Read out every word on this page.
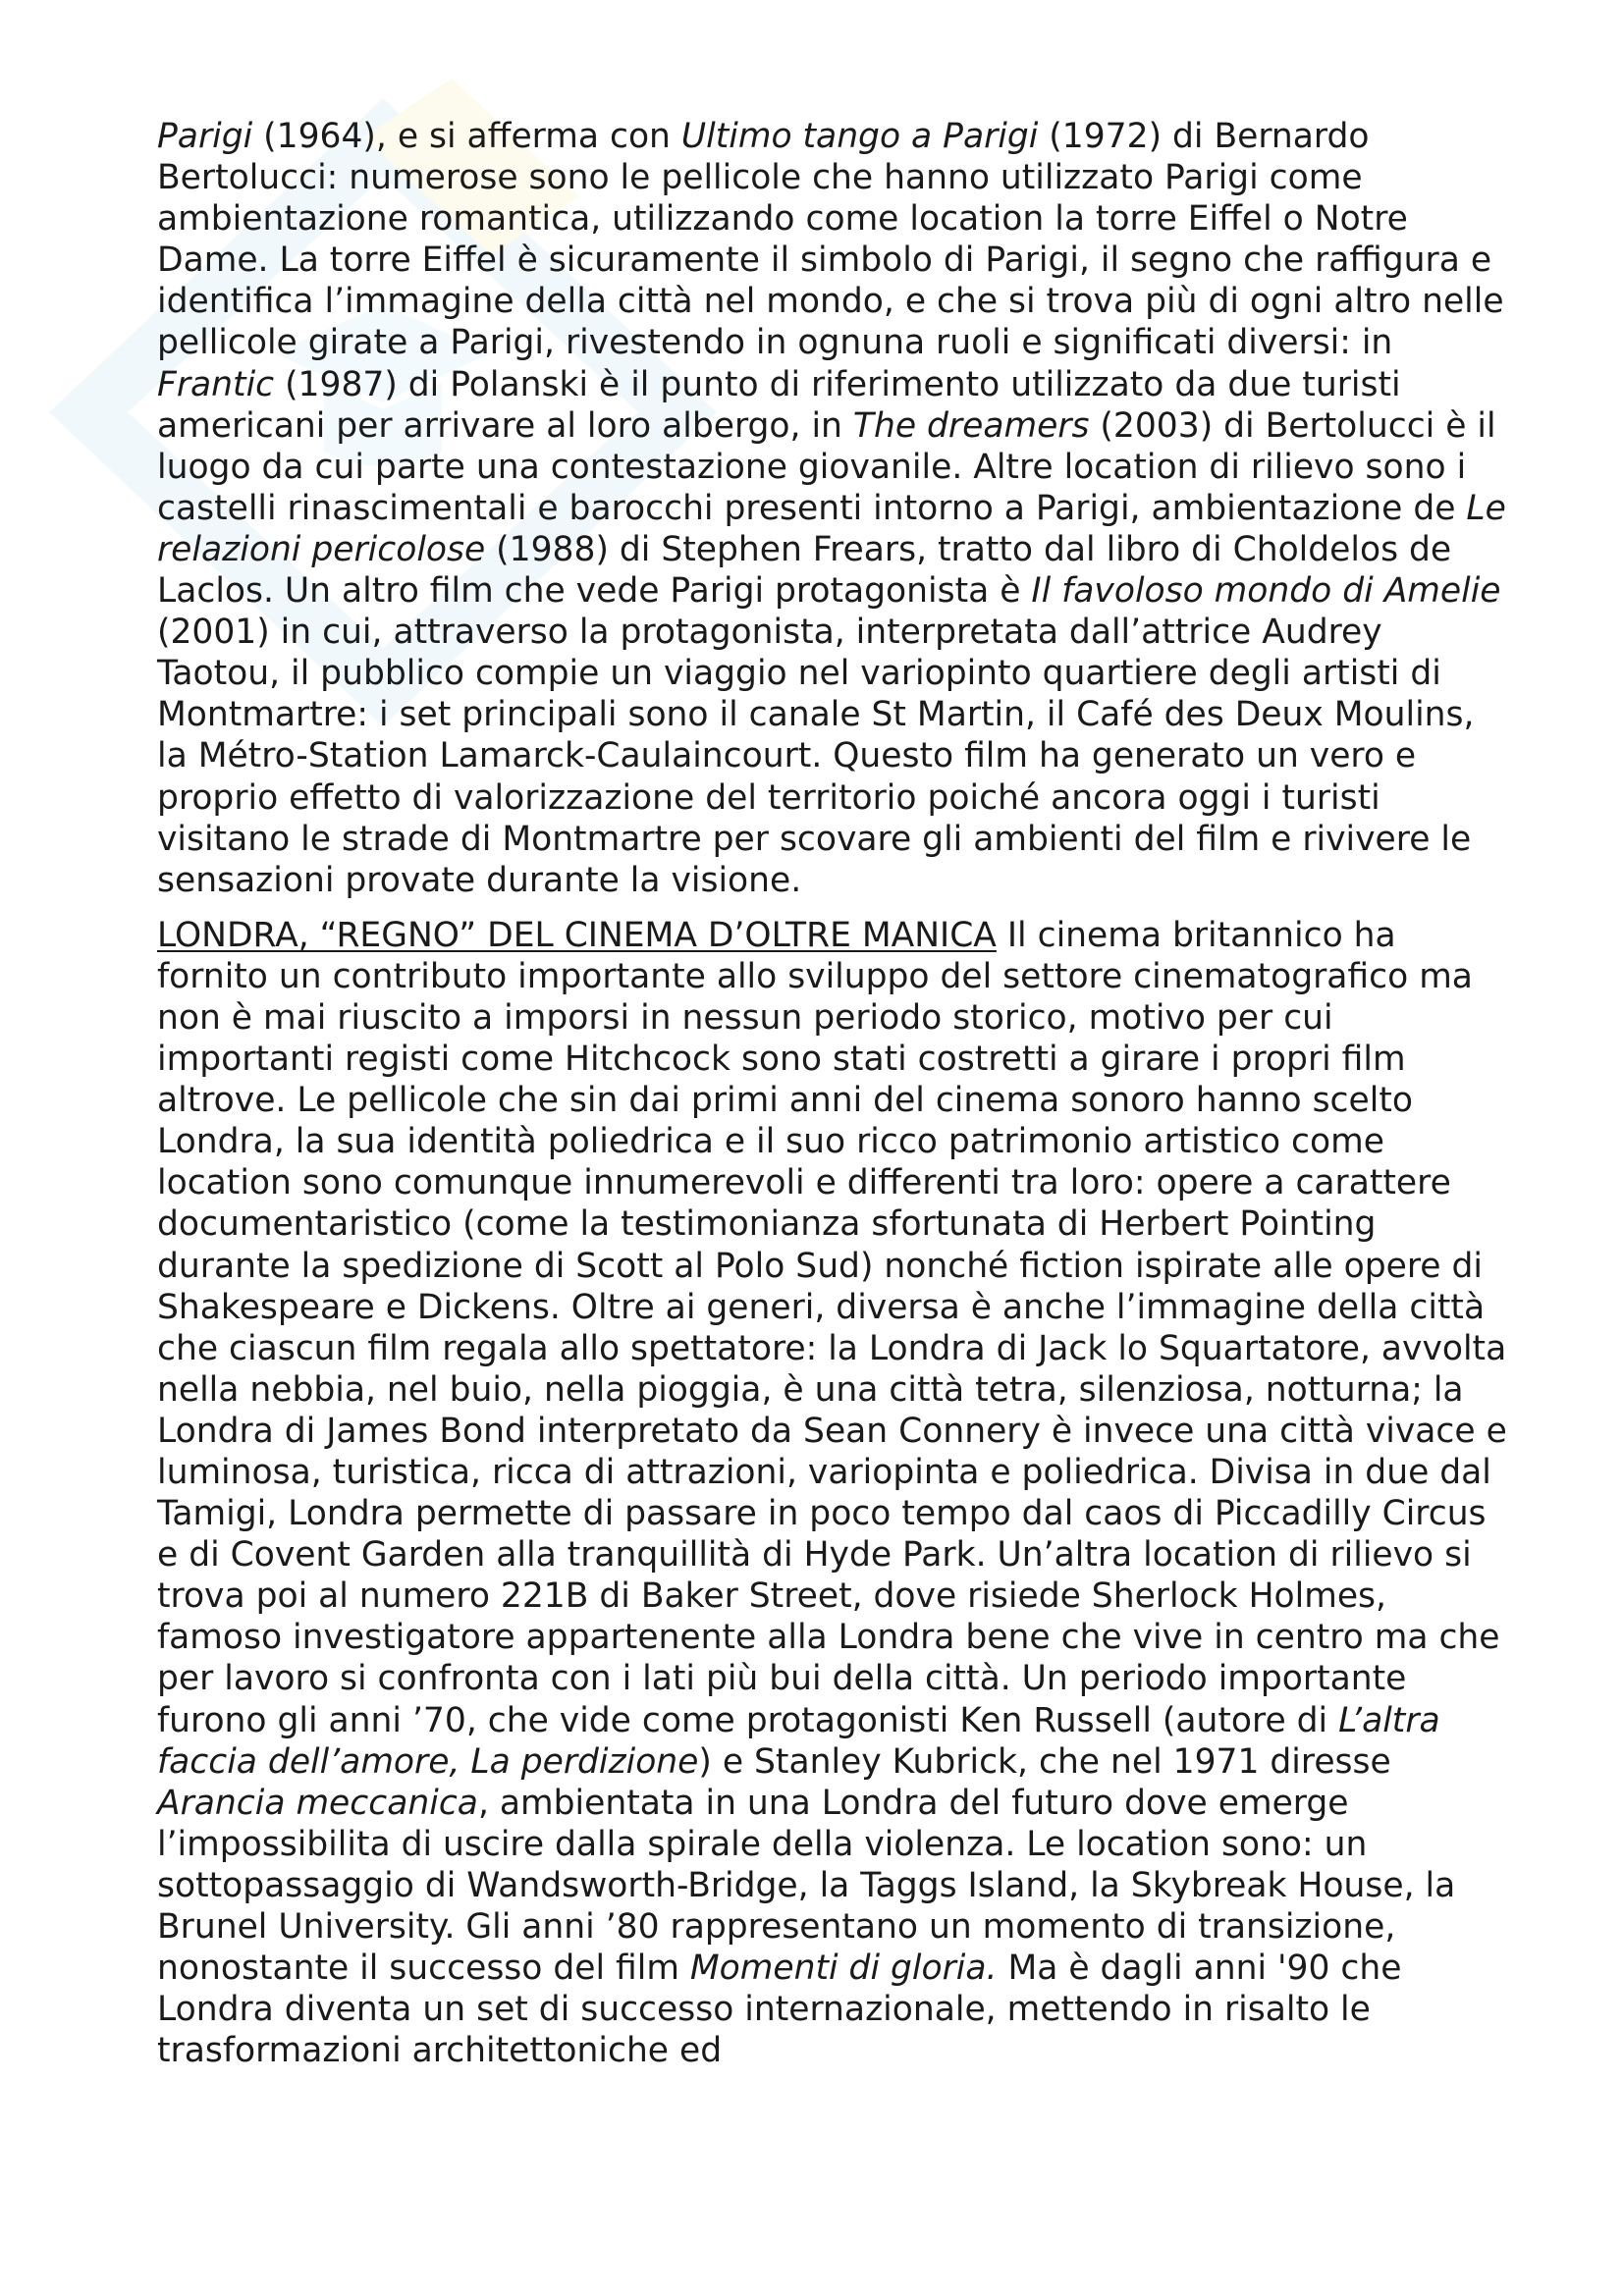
Parigi (1964), e si afferma con Ultimo tango a Parigi (1972) di Bernardo Bertolucci: numerose sono le pellicole che hanno utilizzato Parigi come ambientazione romantica, utilizzando come location la torre Eiffel o Notre Dame. La torre Eiffel è sicuramente il simbolo di Parigi, il segno che raffigura e identifica l’immagine della città nel mondo, e che si trova più di ogni altro nelle pellicole girate a Parigi, rivestendo in ognuna ruoli e significati diversi: in Frantic (1987) di Polanski è il punto di riferimento utilizzato da due turisti americani per arrivare al loro albergo, in The dreamers (2003) di Bertolucci è il luogo da cui parte una contestazione giovanile. Altre location di rilievo sono i castelli rinascimentali e barocchi presenti intorno a Parigi, ambientazione de Le relazioni pericolose (1988) di Stephen Frears, tratto dal libro di Choldelos de Laclos. Un altro film che vede Parigi protagonista è Il favoloso mondo di Amelie (2001) in cui, attraverso la protagonista, interpretata dall’attrice Audrey Taotou, il pubblico compie un viaggio nel variopinto quartiere degli artisti di Montmartre: i set principali sono il canale St Martin, il Café des Deux Moulins, la Métro-Station Lamarck-Caulaincourt. Questo film ha generato un vero e proprio effetto di valorizzazione del territorio poiché ancora oggi i turisti visitano le strade di Montmartre per scovare gli ambienti del film e rivivere le sensazioni provate durante la visione.

LONDRA, “REGNO” DEL CINEMA D’OLTRE MANICA Il cinema britannico ha fornito un contributo importante allo sviluppo del settore cinematografico ma non è mai riuscito a imporsi in nessun periodo storico, motivo per cui importanti registi come Hitchcock sono stati costretti a girare i propri film altrove. Le pellicole che sin dai primi anni del cinema sonoro hanno scelto Londra, la sua identità poliedrica e il suo ricco patrimonio artistico come location sono comunque innumerevoli e differenti tra loro: opere a carattere documentaristico (come la testimonianza sfortunata di Herbert Pointing durante la spedizione di Scott al Polo Sud) nonché fiction ispirate alle opere di Shakespeare e Dickens. Oltre ai generi, diversa è anche l’immagine della città che ciascun film regala allo spettatore: la Londra di Jack lo Squartatore, avvolta nella nebbia, nel buio, nella pioggia, è una città tetra, silenziosa, notturna; la Londra di James Bond interpretato da Sean Connery è invece una città vivace e luminosa, turistica, ricca di attrazioni, variopinta e poliedrica. Divisa in due dal Tamigi, Londra permette di passare in poco tempo dal caos di Piccadilly Circus e di Covent Garden alla tranquillità di Hyde Park. Un’altra location di rilievo si trova poi al numero 221B di Baker Street, dove risiede Sherlock Holmes, famoso investigatore appartenente alla Londra bene che vive in centro ma che per lavoro si confronta con i lati più bui della città. Un periodo importante furono gli anni ’70, che vide come protagonisti Ken Russell (autore di L’altra faccia dell’amore, La perdizione) e Stanley Kubrick, che nel 1971 diresse Arancia meccanica, ambientata in una Londra del futuro dove emerge l’impossibilita di uscire dalla spirale della violenza. Le location sono: un sottopassaggio di Wandsworth-Bridge, la Taggs Island, la Skybreak House, la Brunel University. Gli anni ’80 rappresentano un momento di transizione, nonostante il successo del film Momenti di gloria. Ma è dagli anni '90 che Londra diventa un set di successo internazionale, mettendo in risalto le trasformazioni architettoniche ed
